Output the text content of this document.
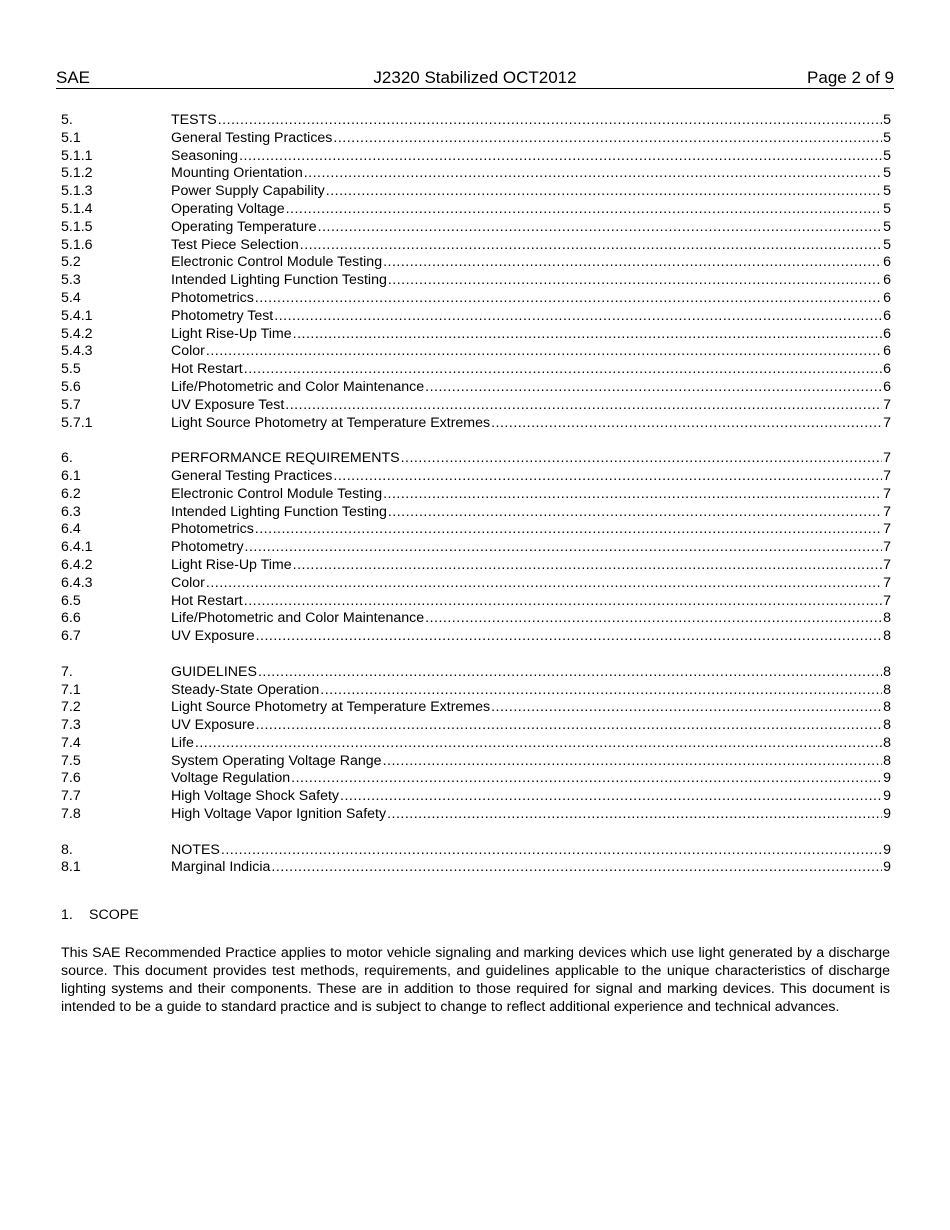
SAE	J2320 Stabilized OCT2012	Page 2 of 9
5.	TESTS .....	5
5.1	General Testing Practices .....	5
5.1.1	Seasoning .....	5
5.1.2	Mounting Orientation .....	5
5.1.3	Power Supply Capability .....	5
5.1.4	Operating Voltage .....	5
5.1.5	Operating Temperature .....	5
5.1.6	Test Piece Selection .....	5
5.2	Electronic Control Module Testing .....	6
5.3	Intended Lighting Function Testing .....	6
5.4	Photometrics .....	6
5.4.1	Photometry Test .....	6
5.4.2	Light Rise-Up Time .....	6
5.4.3	Color .....	6
5.5	Hot Restart .....	6
5.6	Life/Photometric and Color Maintenance .....	6
5.7	UV Exposure Test .....	7
5.7.1	Light Source Photometry at Temperature Extremes .....	7
6.	PERFORMANCE REQUIREMENTS .....	7
6.1	General Testing Practices .....	7
6.2	Electronic Control Module Testing .....	7
6.3	Intended Lighting Function Testing .....	7
6.4	Photometrics .....	7
6.4.1	Photometry .....	7
6.4.2	Light Rise-Up Time .....	7
6.4.3	Color .....	7
6.5	Hot Restart .....	7
6.6	Life/Photometric and Color Maintenance .....	8
6.7	UV Exposure .....	8
7.	GUIDELINES .....	8
7.1	Steady-State Operation .....	8
7.2	Light Source Photometry at Temperature Extremes .....	8
7.3	UV Exposure .....	8
7.4	Life .....	8
7.5	System Operating Voltage Range .....	8
7.6	Voltage Regulation .....	9
7.7	High Voltage Shock Safety .....	9
7.8	High Voltage Vapor Ignition Safety .....	9
8.	NOTES .....	9
8.1	Marginal Indicia .....	9
1. SCOPE
This SAE Recommended Practice applies to motor vehicle signaling and marking devices which use light generated by a discharge source. This document provides test methods, requirements, and guidelines applicable to the unique characteristics of discharge lighting systems and their components. These are in addition to those required for signal and marking devices. This document is intended to be a guide to standard practice and is subject to change to reflect additional experience and technical advances.
